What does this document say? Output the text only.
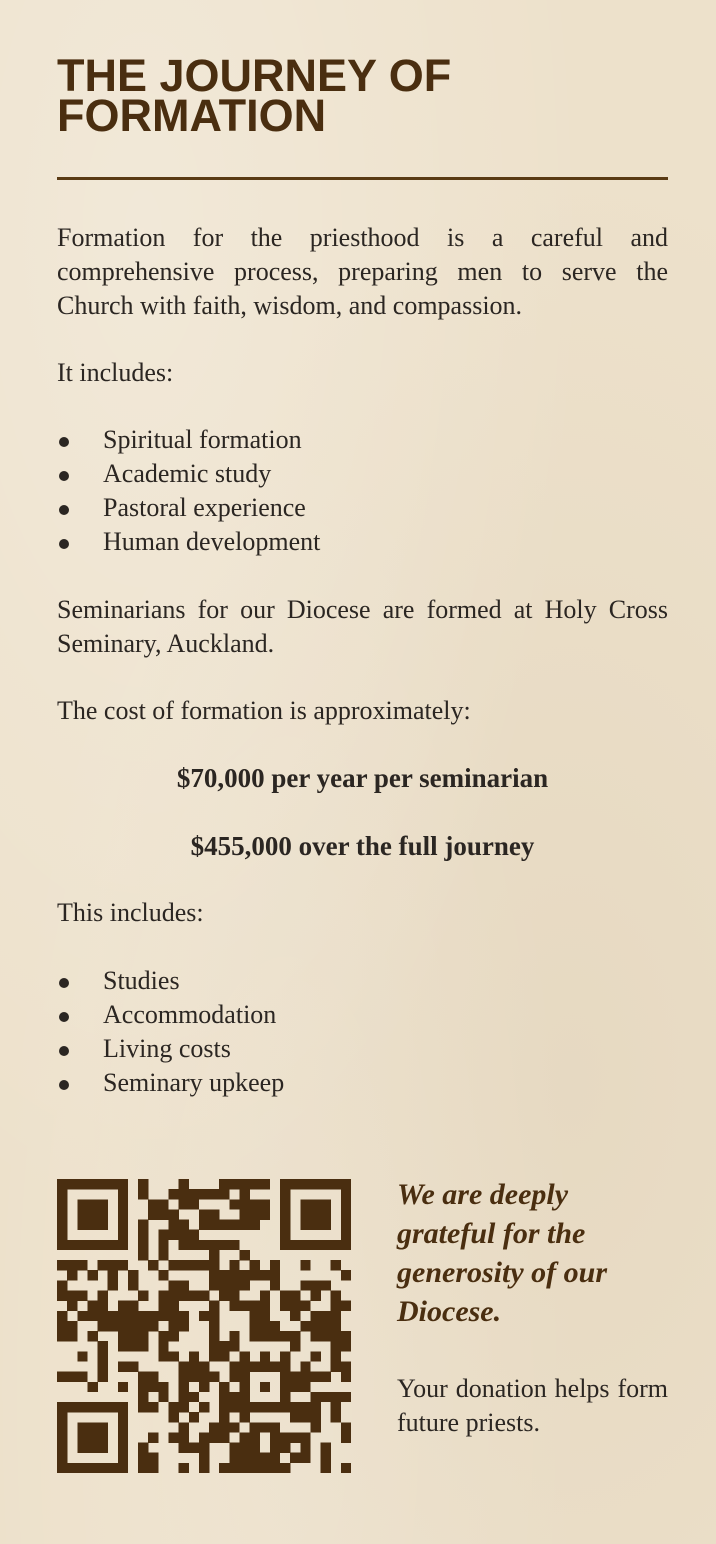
THE JOURNEY OF
FORMATION

Formation for the priesthood is a careful and comprehensive process, preparing men to serve the Church with faith, wisdom, and compassion.

It includes:

Spiritual formation
Academic study
Pastoral experience
Human development

Seminarians for our Diocese are formed at Holy Cross Seminary, Auckland.

The cost of formation is approximately:

$70,000 per year per seminarian

$455,000 over the full journey

This includes:

Studies
Accommodation
Living costs
Seminary upkeep

We are deeply grateful for the generosity of our Diocese.

Your donation helps form future priests.
